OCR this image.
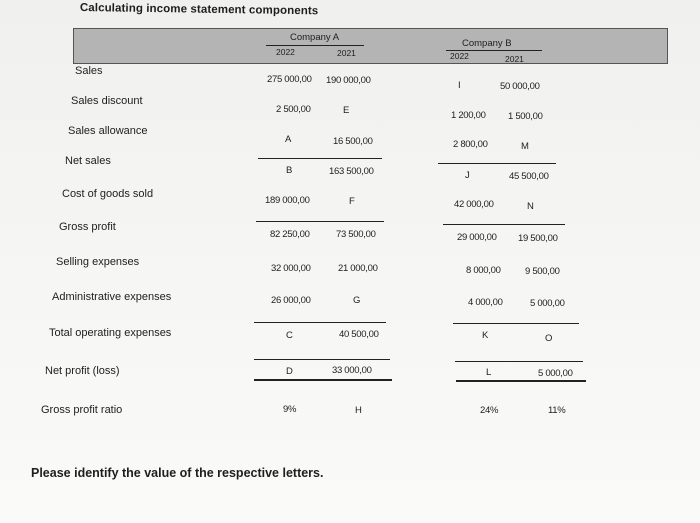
Calculating income statement components
Company A
2022	2021
Company B
2022	2021
Sales
Sales discount
Sales allowance
Net sales
Cost of goods sold
Gross profit
Selling expenses
Administrative expenses
Total operating expenses
Net profit (loss)
Gross profit ratio
275 000,00
2 500,00
A
B
189 000,00
82 250,00
32 000,00
26 000,00
C
D
9%
190 000,00
E
16 500,00
163 500,00
F
73 500,00
21 000,00
G
40 500,00
33 000,00
H
I
1 200,00
2 800,00
J
42 000,00
29 000,00
8 000,00
4 000,00
K
L
24%
50 000,00
1 500,00
M
45 500,00
N
19 500,00
9 500,00
5 000,00
O
5 000,00
11%
Please identify the value of the respective letters.
